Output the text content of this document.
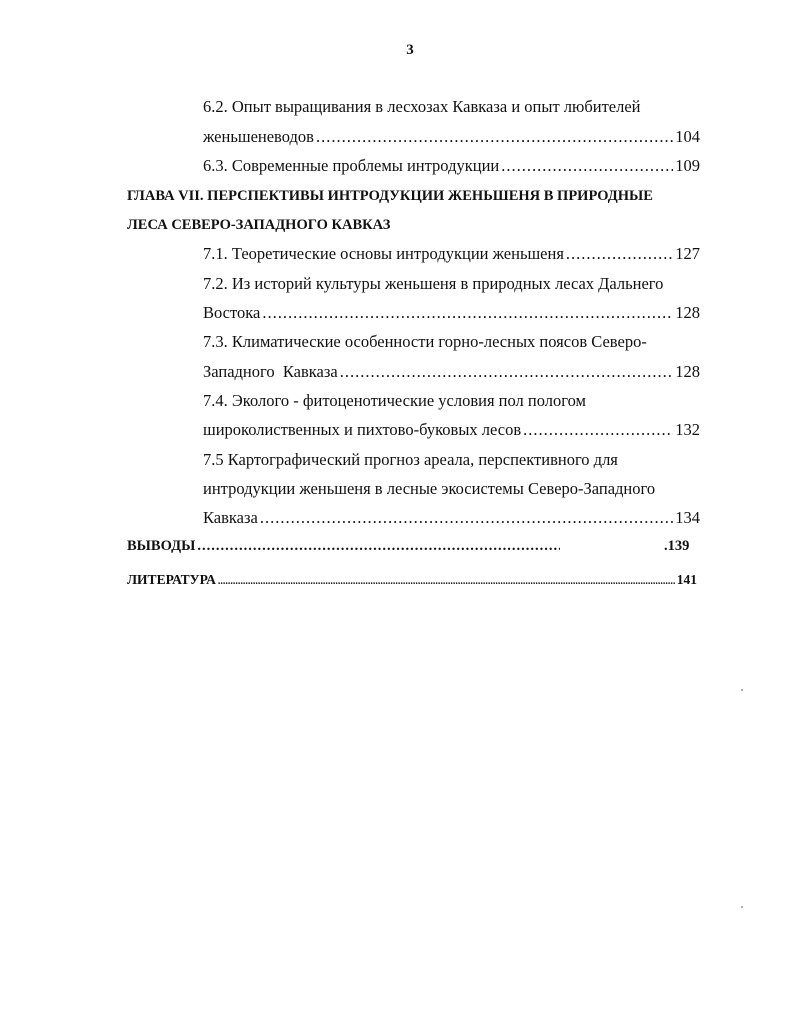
3
6.2. Опыт выращивания в лесхозах Кавказа и опыт любителей
женьшеневодов .....	104
6.3. Современные проблемы интродукции .....	109
ГЛАВА VII. ПЕРСПЕКТИВЫ ИНТРОДУКЦИИ ЖЕНЬШЕНЯ В ПРИРОДНЫЕ
ЛЕСА СЕВЕРО-ЗАПАДНОГО КАВКАЗ
7.1. Теоретические основы интродукции женьшеня .....	127
7.2. Из историй культуры женьшеня в природных лесах Дальнего
Востока .....	128
7.3. Климатические особенности горно-лесных поясов Северо-
Западного  Кавказа .....	128
7.4. Эколого - фитоценотические условия пол пологом
широколиственных и пихтово-буковых лесов .....	132
7.5 Картографический прогноз ареала, перспективного для
интродукции женьшеня в лесные экосистемы Северо-Западного
Кавказа .....	134
ВЫВОДЫ .....	.139
ЛИТЕРАТУРА .....	141
